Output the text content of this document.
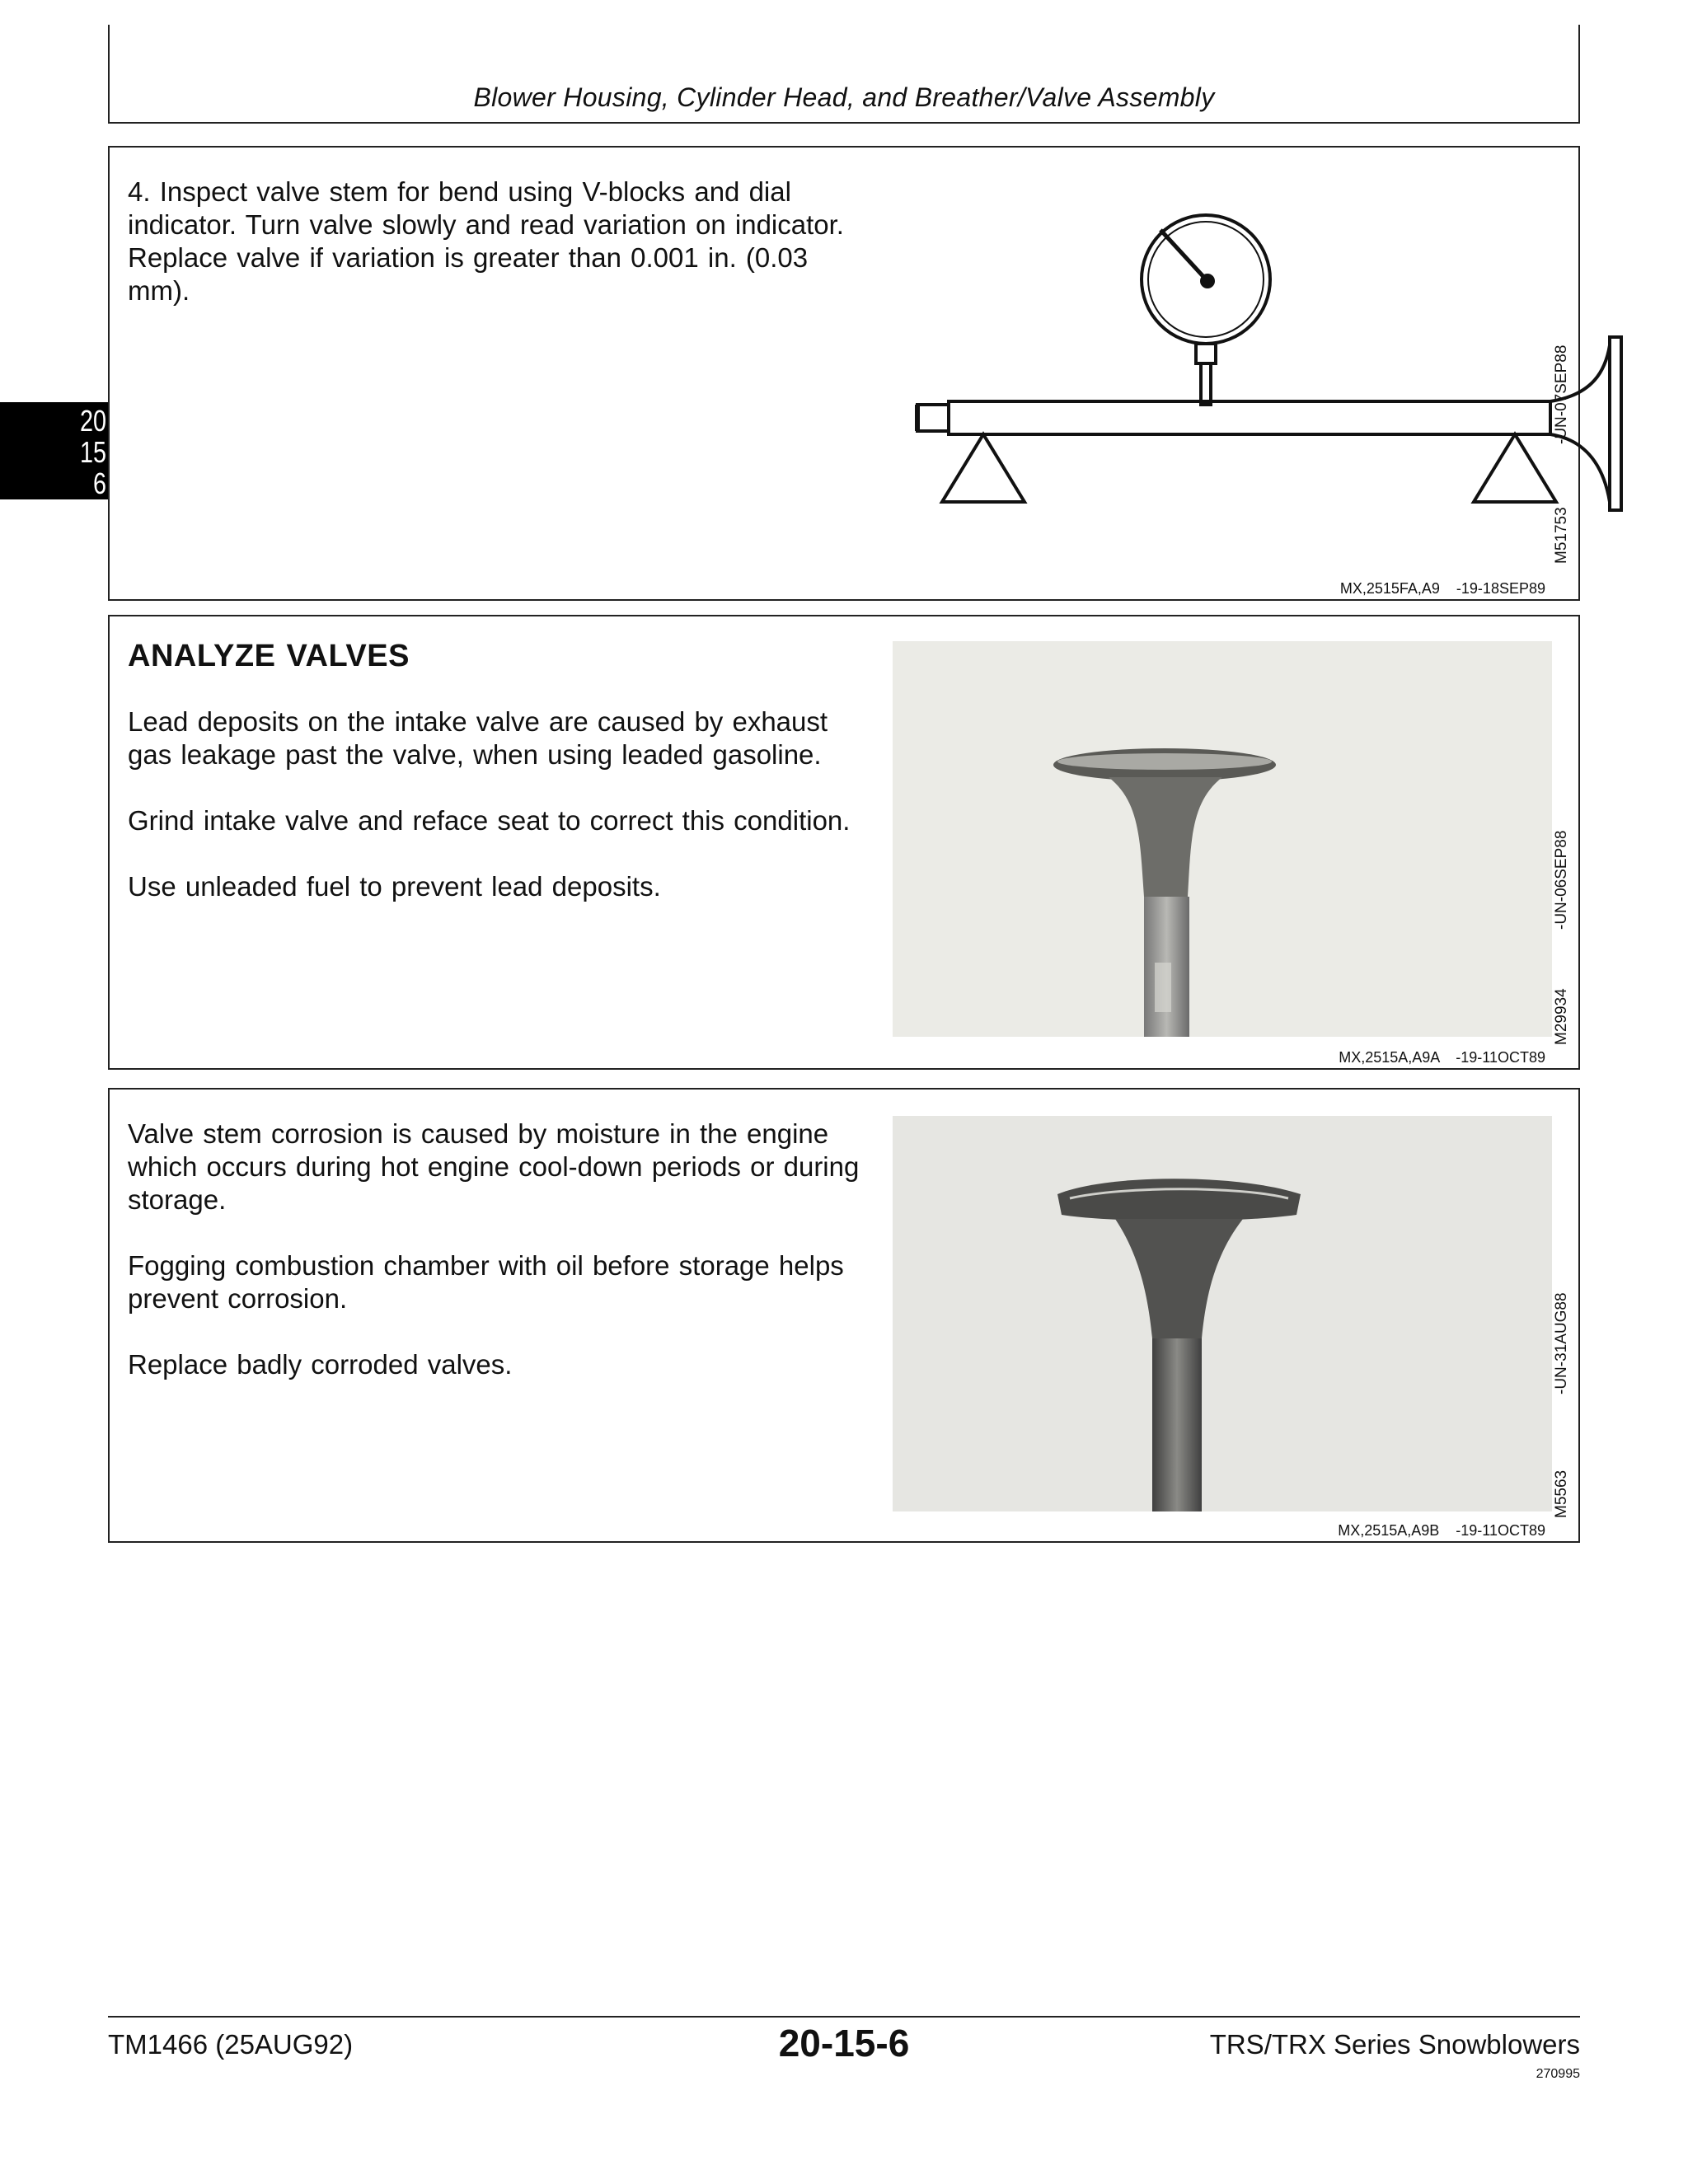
Blower Housing, Cylinder Head, and Breather/Valve Assembly
20
15
6

4. Inspect valve stem for bend using V-blocks and dial indicator. Turn valve slowly and read variation on indicator. Replace valve if variation is greater than 0.001 in. (0.03 mm).

M51753
-UN-07SEP88
MX,2515FA,A9    -19-18SEP89
ANALYZE VALVES

Lead deposits on the intake valve are caused by exhaust gas leakage past the valve, when using leaded gasoline.

Grind intake valve and reface seat to correct this condition.

Use unleaded fuel to prevent lead deposits.

M29934
-UN-06SEP88
MX,2515A,A9A    -19-11OCT89

Valve stem corrosion is caused by moisture in the engine which occurs during hot engine cool-down periods or during storage.

Fogging combustion chamber with oil before storage helps prevent corrosion.

Replace badly corroded valves.

M5563
-UN-31AUG88
MX,2515A,A9B    -19-11OCT89
TM1466 (25AUG92)	20-15-6	TRS/TRX Series Snowblowers
270995
